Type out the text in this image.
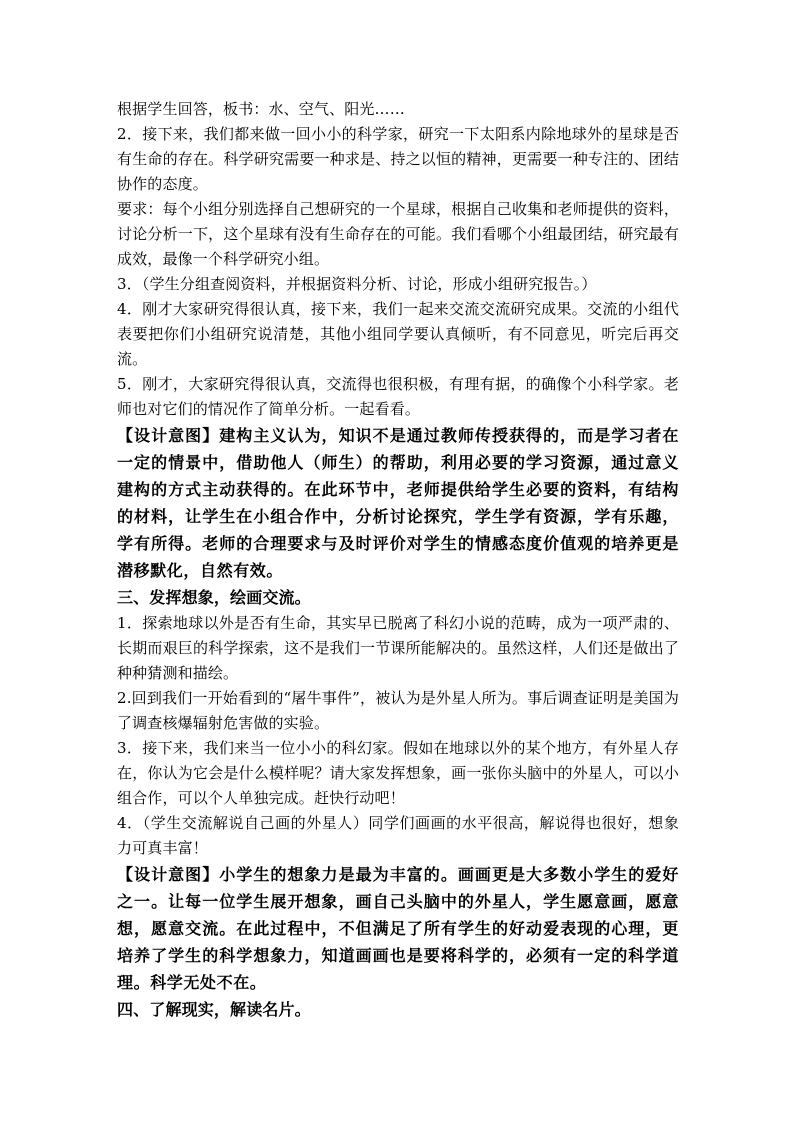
根据学生回答，板书：水、空气、阳光……

2．接下来，我们都来做一回小小的科学家，研究一下太阳系内除地球外的星球是否有生命的存在。科学研究需要一种求是、持之以恒的精神，更需要一种专注的、团结协作的态度。

要求：每个小组分别选择自己想研究的一个星球，根据自己收集和老师提供的资料，讨论分析一下，这个星球有没有生命存在的可能。我们看哪个小组最团结，研究最有成效，最像一个科学研究小组。

3．（学生分组查阅资料，并根据资料分析、讨论，形成小组研究报告。）

4．刚才大家研究得很认真，接下来，我们一起来交流交流研究成果。交流的小组代表要把你们小组研究说清楚，其他小组同学要认真倾听，有不同意见，听完后再交流。

5．刚才，大家研究得很认真，交流得也很积极，有理有据，的确像个小科学家。老师也对它们的情况作了简单分析。一起看看。

【设计意图】建构主义认为，知识不是通过教师传授获得的，而是学习者在一定的情景中，借助他人（师生）的帮助，利用必要的学习资源，通过意义建构的方式主动获得的。在此环节中，老师提供给学生必要的资料，有结构的材料，让学生在小组合作中，分析讨论探究，学生学有资源，学有乐趣，学有所得。老师的合理要求与及时评价对学生的情感态度价值观的培养更是潜移默化，自然有效。

三、发挥想象，绘画交流。

1．探索地球以外是否有生命，其实早已脱离了科幻小说的范畴，成为一项严肃的、长期而艰巨的科学探索，这不是我们一节课所能解决的。虽然这样，人们还是做出了种种猜测和描绘。

2.回到我们一开始看到的“屠牛事件”，被认为是外星人所为。事后调查证明是美国为了调查核爆辐射危害做的实验。

3．接下来，我们来当一位小小的科幻家。假如在地球以外的某个地方，有外星人存在，你认为它会是什么模样呢？请大家发挥想象，画一张你头脑中的外星人，可以小组合作，可以个人单独完成。赶快行动吧！

4．（学生交流解说自己画的外星人）同学们画画的水平很高，解说得也很好，想象力可真丰富！

【设计意图】小学生的想象力是最为丰富的。画画更是大多数小学生的爱好之一。让每一位学生展开想象，画自己头脑中的外星人，学生愿意画，愿意想，愿意交流。在此过程中，不但满足了所有学生的好动爱表现的心理，更培养了学生的科学想象力，知道画画也是要将科学的，必须有一定的科学道理。科学无处不在。

四、了解现实，解读名片。
